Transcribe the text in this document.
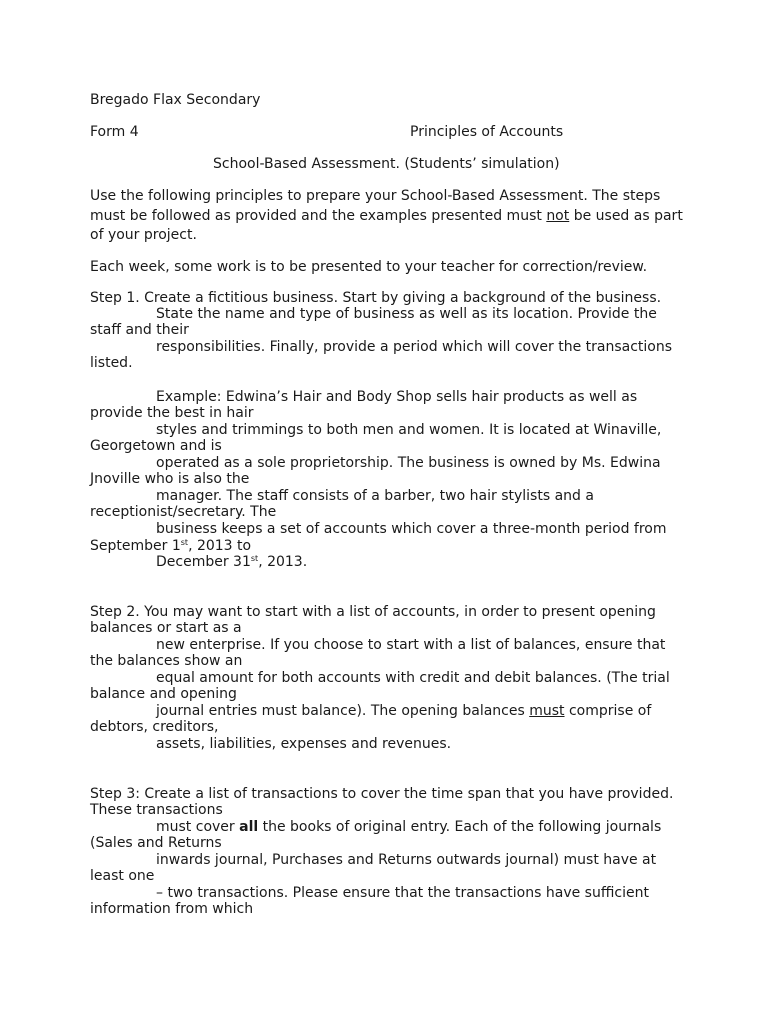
Bregado Flax Secondary
Form 4	Principles of Accounts
School-Based Assessment. (Students’ simulation)
Use the following principles to prepare your School-Based Assessment. The steps
must be followed as provided and the examples presented must not be used as part
of your project.
Each week, some work is to be presented to your teacher for correction/review.
Step 1. Create a fictitious business. Start by giving a background of the business.
State the name and type of business as well as its location. Provide the
staff and their
responsibilities. Finally, provide a period which will cover the transactions
listed.
Example: Edwina’s Hair and Body Shop sells hair products as well as
provide the best in hair
styles and trimmings to both men and women. It is located at Winaville,
Georgetown and is
operated as a sole proprietorship. The business is owned by Ms. Edwina
Jnoville who is also the
manager. The staff consists of a barber, two hair stylists and a
receptionist/secretary. The
business keeps a set of accounts which cover a three-month period from
September 1st, 2013 to
December 31st, 2013.
Step 2. You may want to start with a list of accounts, in order to present opening
balances or start as a
new enterprise. If you choose to start with a list of balances, ensure that
the balances show an
equal amount for both accounts with credit and debit balances. (The trial
balance and opening
journal entries must balance). The opening balances must comprise of
debtors, creditors,
assets, liabilities, expenses and revenues.
Step 3: Create a list of transactions to cover the time span that you have provided.
These transactions
must cover all the books of original entry. Each of the following journals
(Sales and Returns
inwards journal, Purchases and Returns outwards journal) must have at
least one
– two transactions. Please ensure that the transactions have sufficient
information from which
